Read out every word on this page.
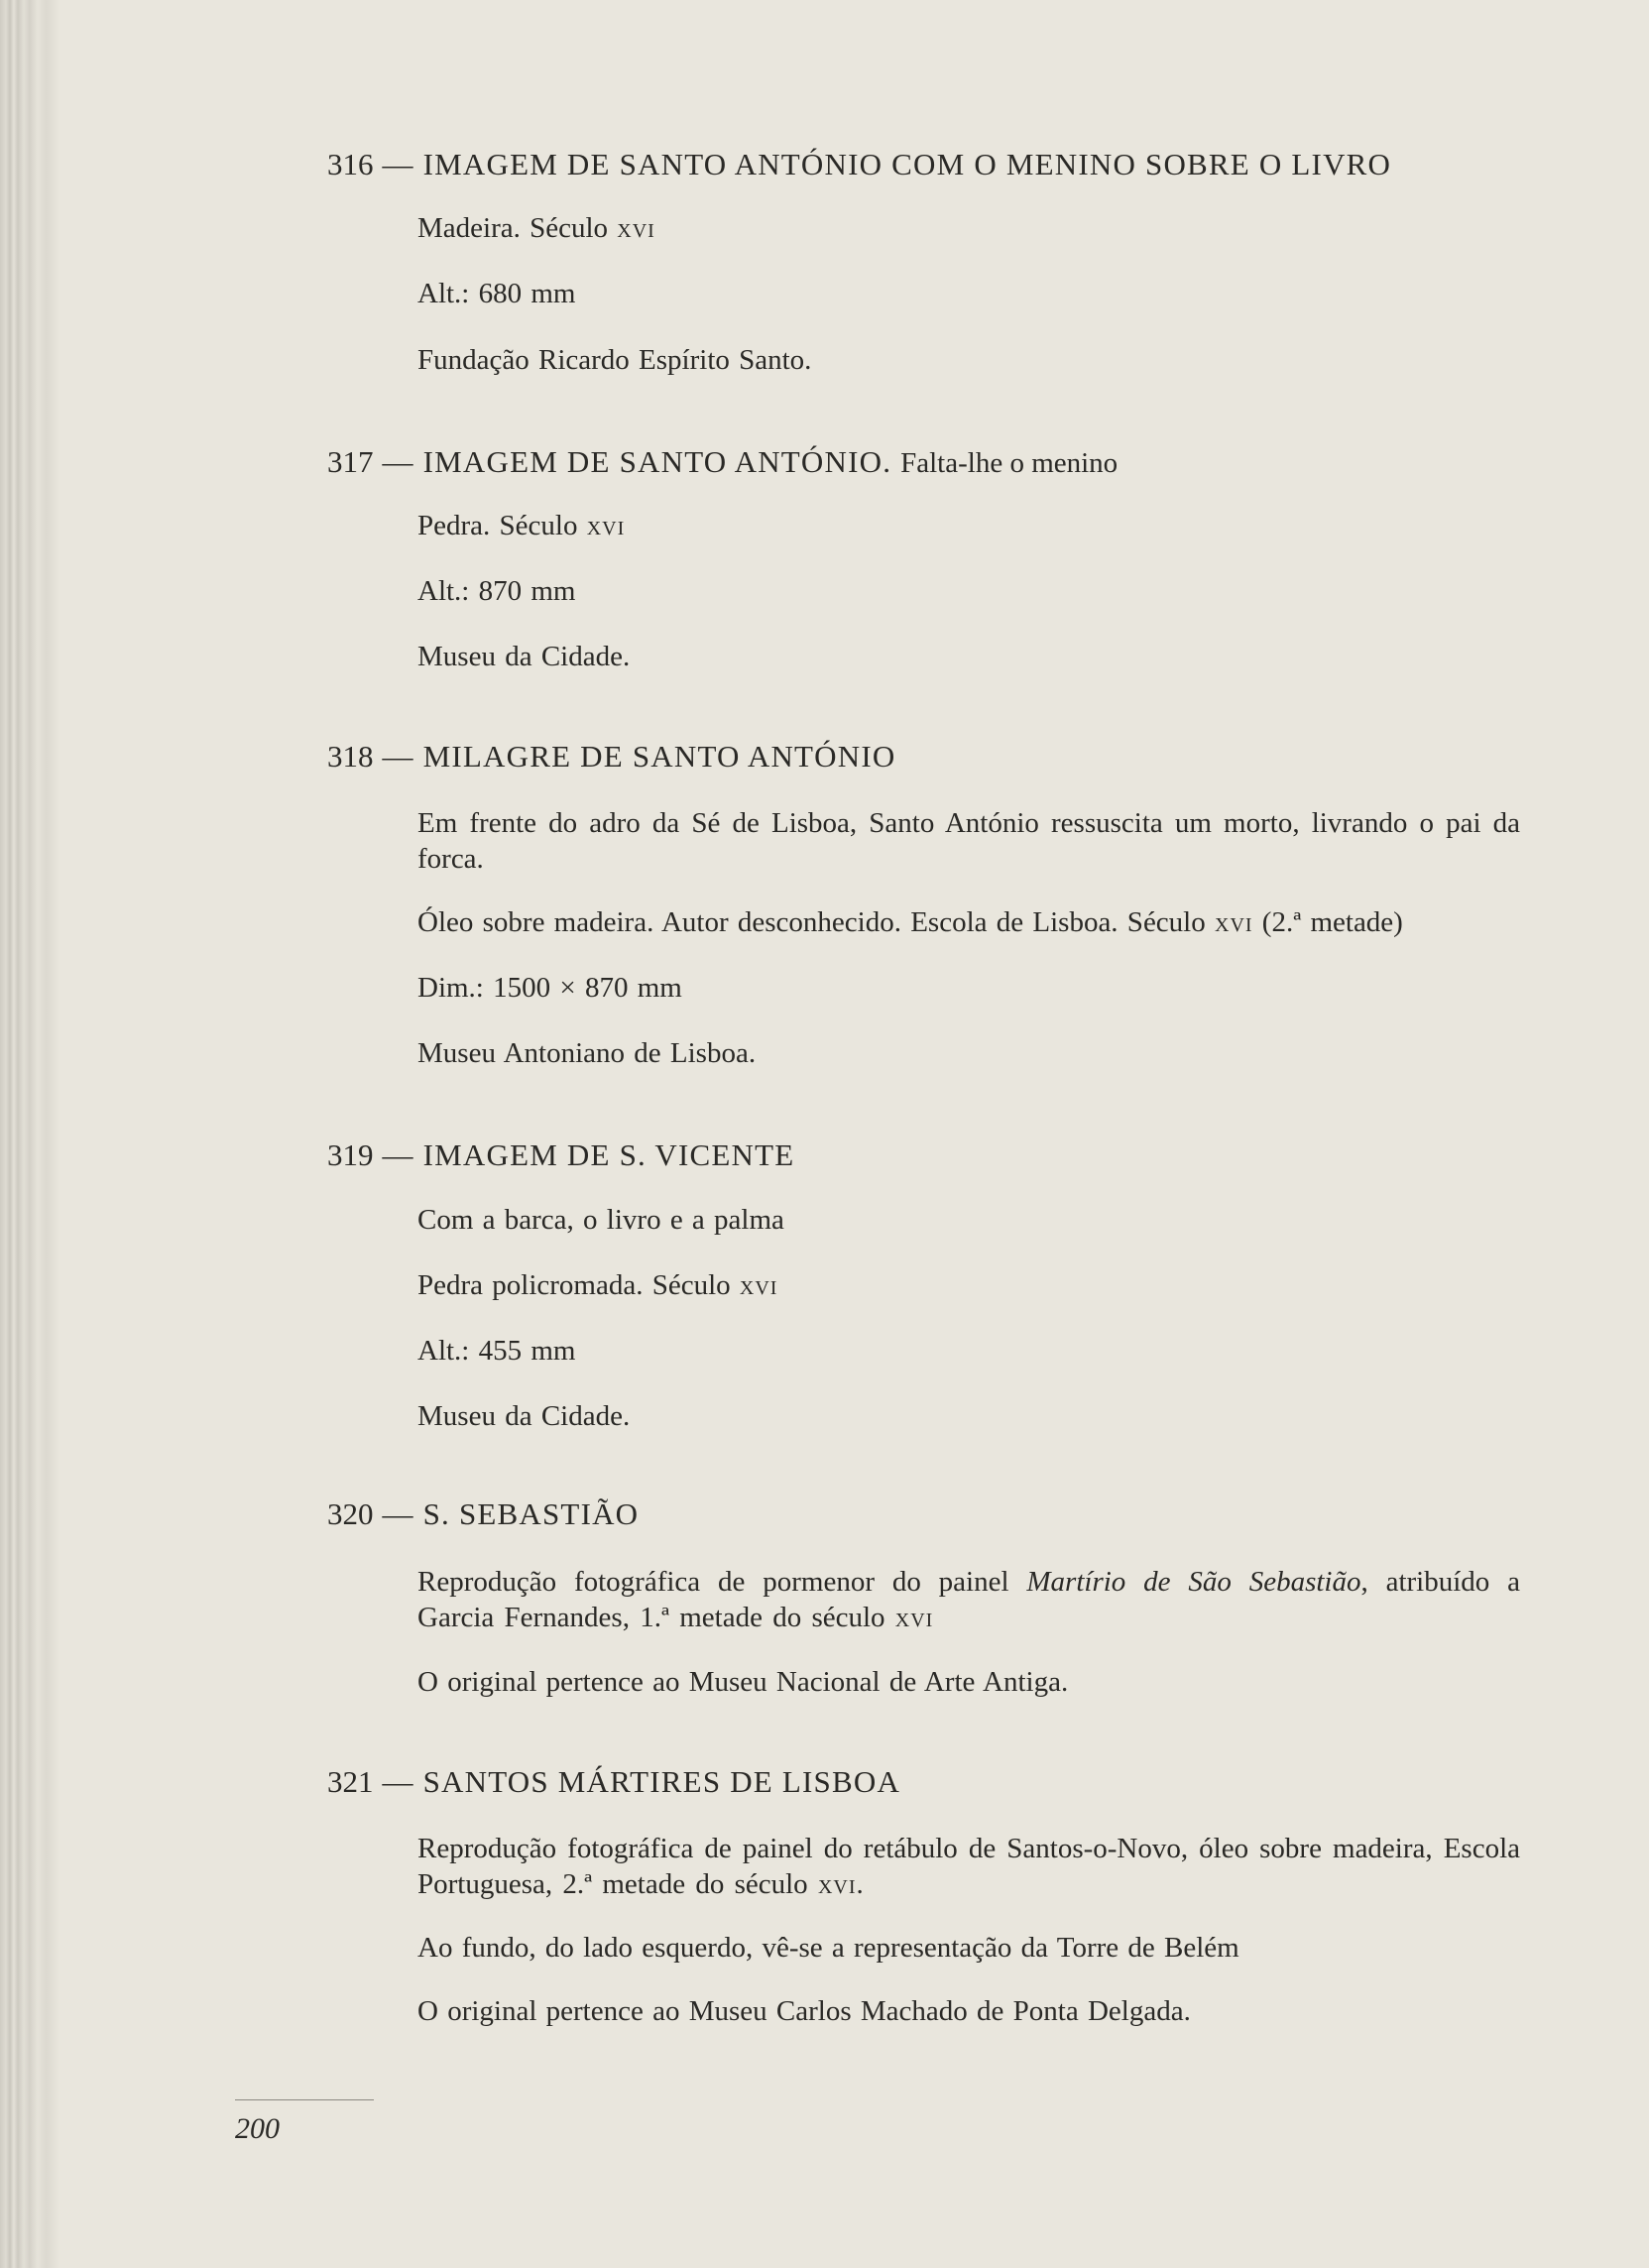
316 — IMAGEM DE SANTO ANTÓNIO COM O MENINO SOBRE O LIVRO
Madeira. Século xvi
Alt.: 680 mm
Fundação Ricardo Espírito Santo.
317 — IMAGEM DE SANTO ANTÓNIO. Falta-lhe o menino
Pedra. Século xvi
Alt.: 870 mm
Museu da Cidade.
318 — MILAGRE DE SANTO ANTÓNIO
Em frente do adro da Sé de Lisboa, Santo António ressuscita um morto, livrando o pai da forca.
Óleo sobre madeira. Autor desconhecido. Escola de Lisboa. Século xvi (2.ª metade)
Dim.: 1500 × 870 mm
Museu Antoniano de Lisboa.
319 — IMAGEM DE S. VICENTE
Com a barca, o livro e a palma
Pedra policromada. Século xvi
Alt.: 455 mm
Museu da Cidade.
320 — S. SEBASTIÃO
Reprodução fotográfica de pormenor do painel Martírio de São Sebastião, atribuído a Garcia Fernandes, 1.ª metade do século xvi
O original pertence ao Museu Nacional de Arte Antiga.
321 — SANTOS MÁRTIRES DE LISBOA
Reprodução fotográfica de painel do retábulo de Santos-o-Novo, óleo sobre madeira, Escola Portuguesa, 2.ª metade do século xvi.
Ao fundo, do lado esquerdo, vê-se a representação da Torre de Belém
O original pertence ao Museu Carlos Machado de Ponta Delgada.
200
